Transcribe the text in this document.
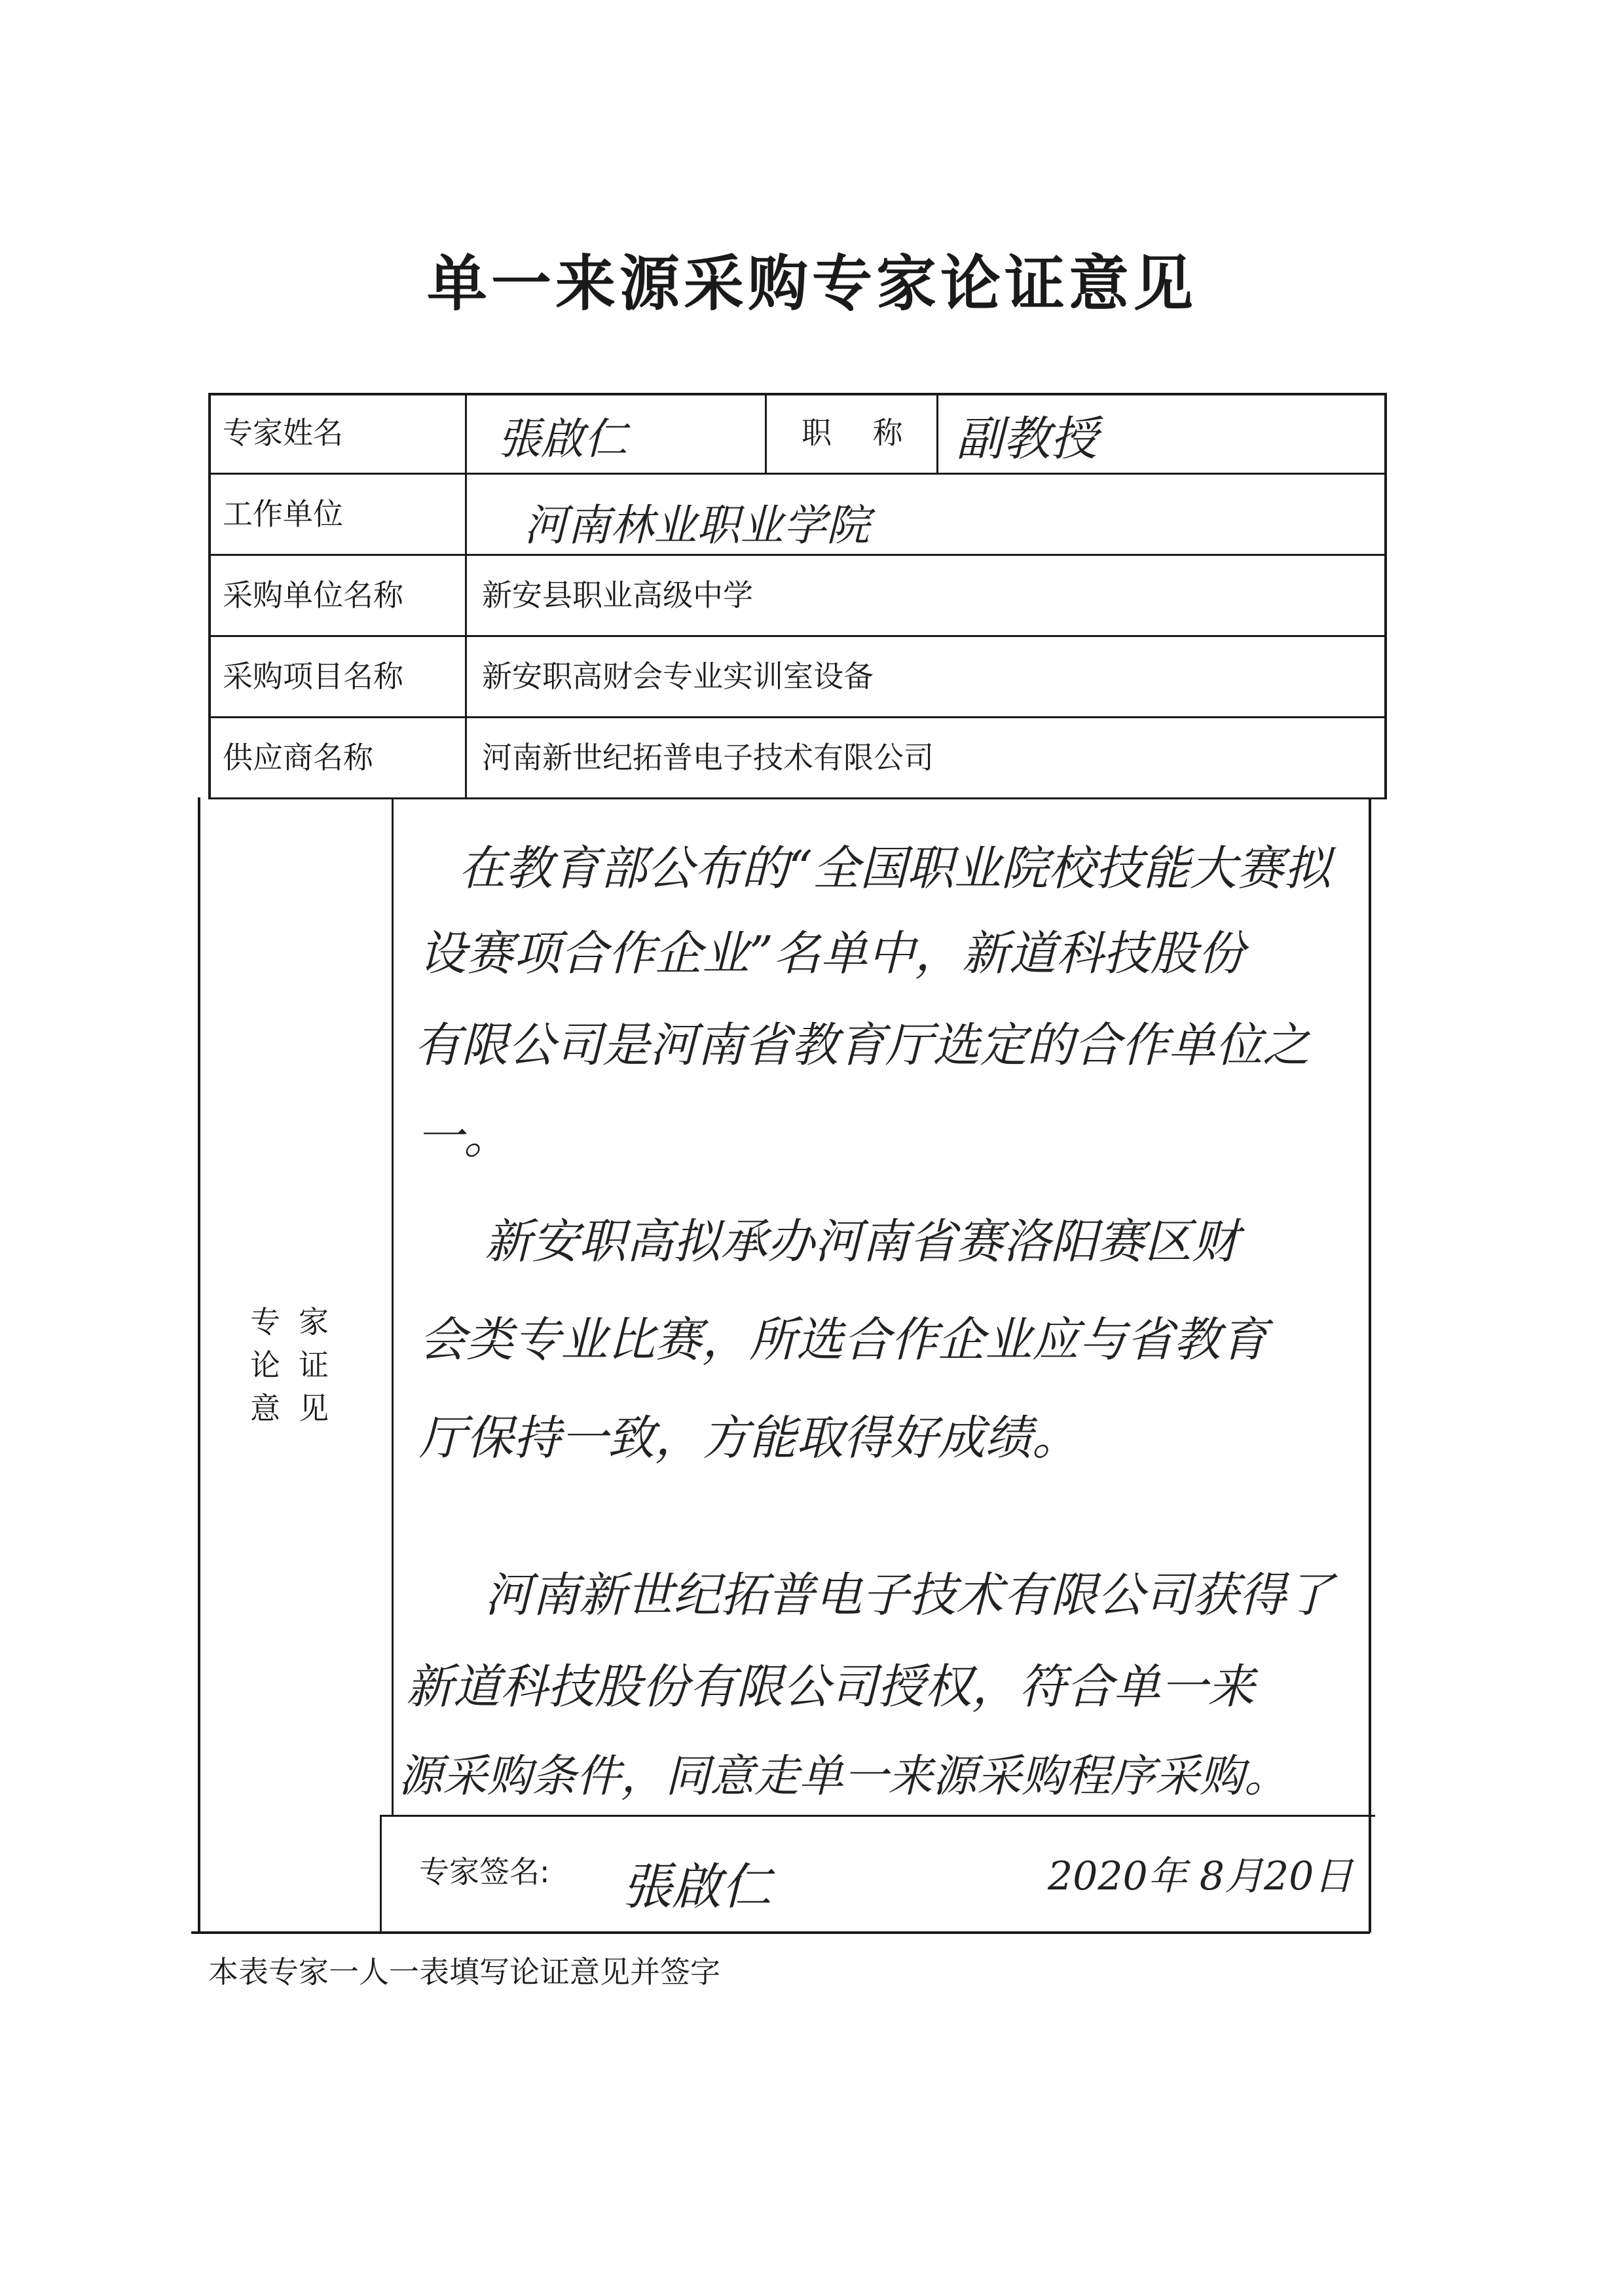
单一来源采购专家论证意见
专家姓名	張啟仁	职 称 副教授
工作单位	河南林业职业学院
采购单位名称	新安县职业高级中学
采购项目名称	新安职高财会专业实训室设备
供应商名称	河南新世纪拓普电子技术有限公司
专家
论证
意见
在教育部公布的“全国职业院校技能大赛拟
设赛项合作企业”名单中，新道科技股份
有限公司是河南省教育厅选定的合作单位之
一。
新安职高拟承办河南省赛洛阳赛区财
会类专业比赛，所选合作企业应与省教育
厅保持一致，方能取得好成绩。
河南新世纪拓普电子技术有限公司获得了
新道科技股份有限公司授权，符合单一来
源采购条件，同意走单一来源采购程序采购。
专家签名: 張啟仁	2020年 8月20日
本表专家一人一表填写论证意见并签字
